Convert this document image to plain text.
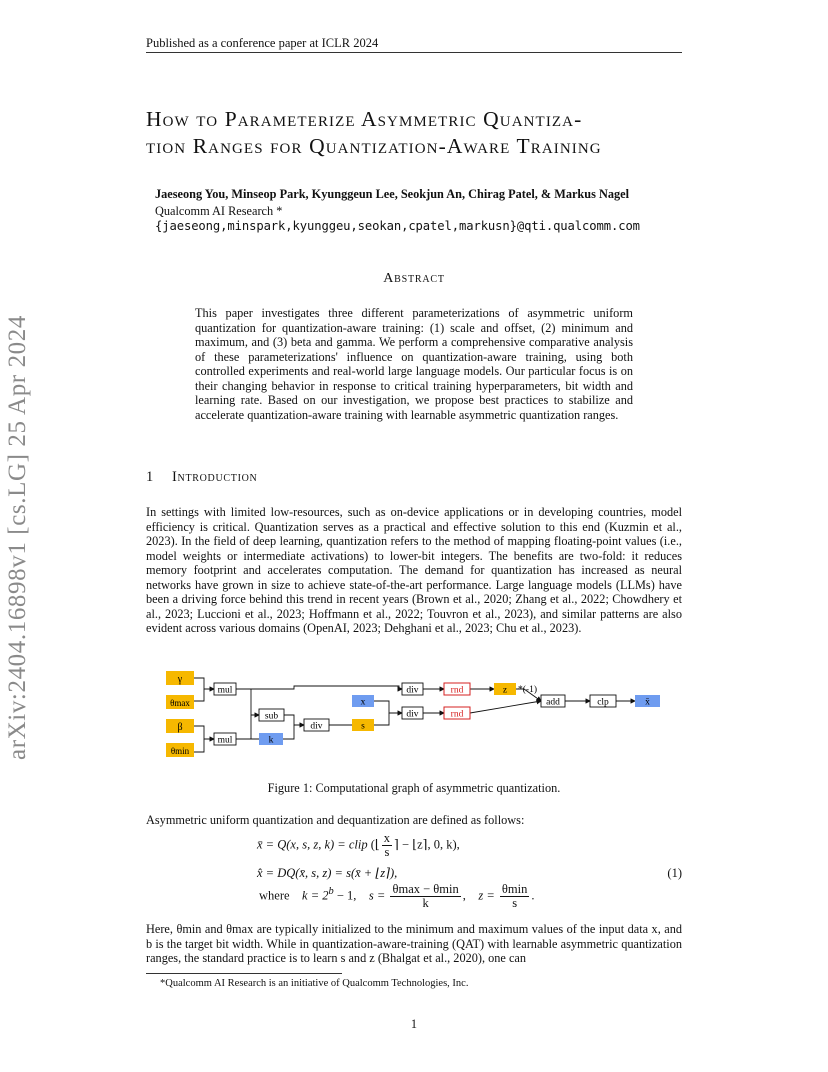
Published as a conference paper at ICLR 2024
arXiv:2404.16898v1 [cs.LG] 25 Apr 2024
How to Parameterize Asymmetric Quantiza-
tion Ranges for Quantization-Aware Training
Jaeseong You, Minseop Park, Kyunggeun Lee, Seokjun An, Chirag Patel, & Markus Nagel
Qualcomm AI Research *
{jaeseong,minspark,kyunggeu,seokan,cpatel,markusn}@qti.qualcomm.com
Abstract
This paper investigates three different parameterizations of asymmetric uniform quantization for quantization-aware training: (1) scale and offset, (2) minimum and maximum, and (3) beta and gamma. We perform a comprehensive comparative analysis of these parameterizations' influence on quantization-aware training, using both controlled experiments and real-world large language models. Our particular focus is on their changing behavior in response to critical training hyperparameters, bit width and learning rate. Based on our investigation, we propose best practices to stabilize and accelerate quantization-aware training with learnable asymmetric quantization ranges.
1 Introduction
In settings with limited low-resources, such as on-device applications or in developing countries, model efficiency is critical. Quantization serves as a practical and effective solution to this end (Kuzmin et al., 2023). In the field of deep learning, quantization refers to the method of mapping floating-point values (i.e., model weights or intermediate activations) to lower-bit integers. The benefits are two-fold: it reduces memory footprint and accelerates computation. The demand for quantization has increased as neural networks have grown in size to achieve state-of-the-art performance. Large language models (LLMs) have been a driving force behind this trend in recent years (Brown et al., 2020; Zhang et al., 2022; Chowdhery et al., 2023; Luccioni et al., 2023; Hoffmann et al., 2022; Touvron et al., 2023), and similar patterns are also evident across various domains (OpenAI, 2023; Dehghani et al., 2023; Chu et al., 2023).
γ
θmax
β
θmin
mul
mul
sub
div
x
s
k
div
div
rnd
rnd
z *(-1)
add	clp	x̄
Figure 1: Computational graph of asymmetric quantization.
Asymmetric uniform quantization and dequantization are defined as follows:
x̄ = Q(x, s, z, k) = clip (⌊ $\frac{x}{s}$ ⌉ − ⌊z⌉, 0, k),
x̂ = DQ(x̄, s, z) = s(x̄ + ⌊z⌉),	(1)
where $k = 2^b - 1$, $s = \frac{\theta\max - \theta\min}{k}$ , $z = \frac{\theta\min}{s}$ .
Here, θmin and θmax are typically initialized to the minimum and maximum values of the input data x, and b is the target bit width. While in quantization-aware-training (QAT) with learnable asymmetric quantization ranges, the standard practice is to learn s and z (Bhalgat et al., 2020), one can
*Qualcomm AI Research is an initiative of Qualcomm Technologies, Inc.
1
